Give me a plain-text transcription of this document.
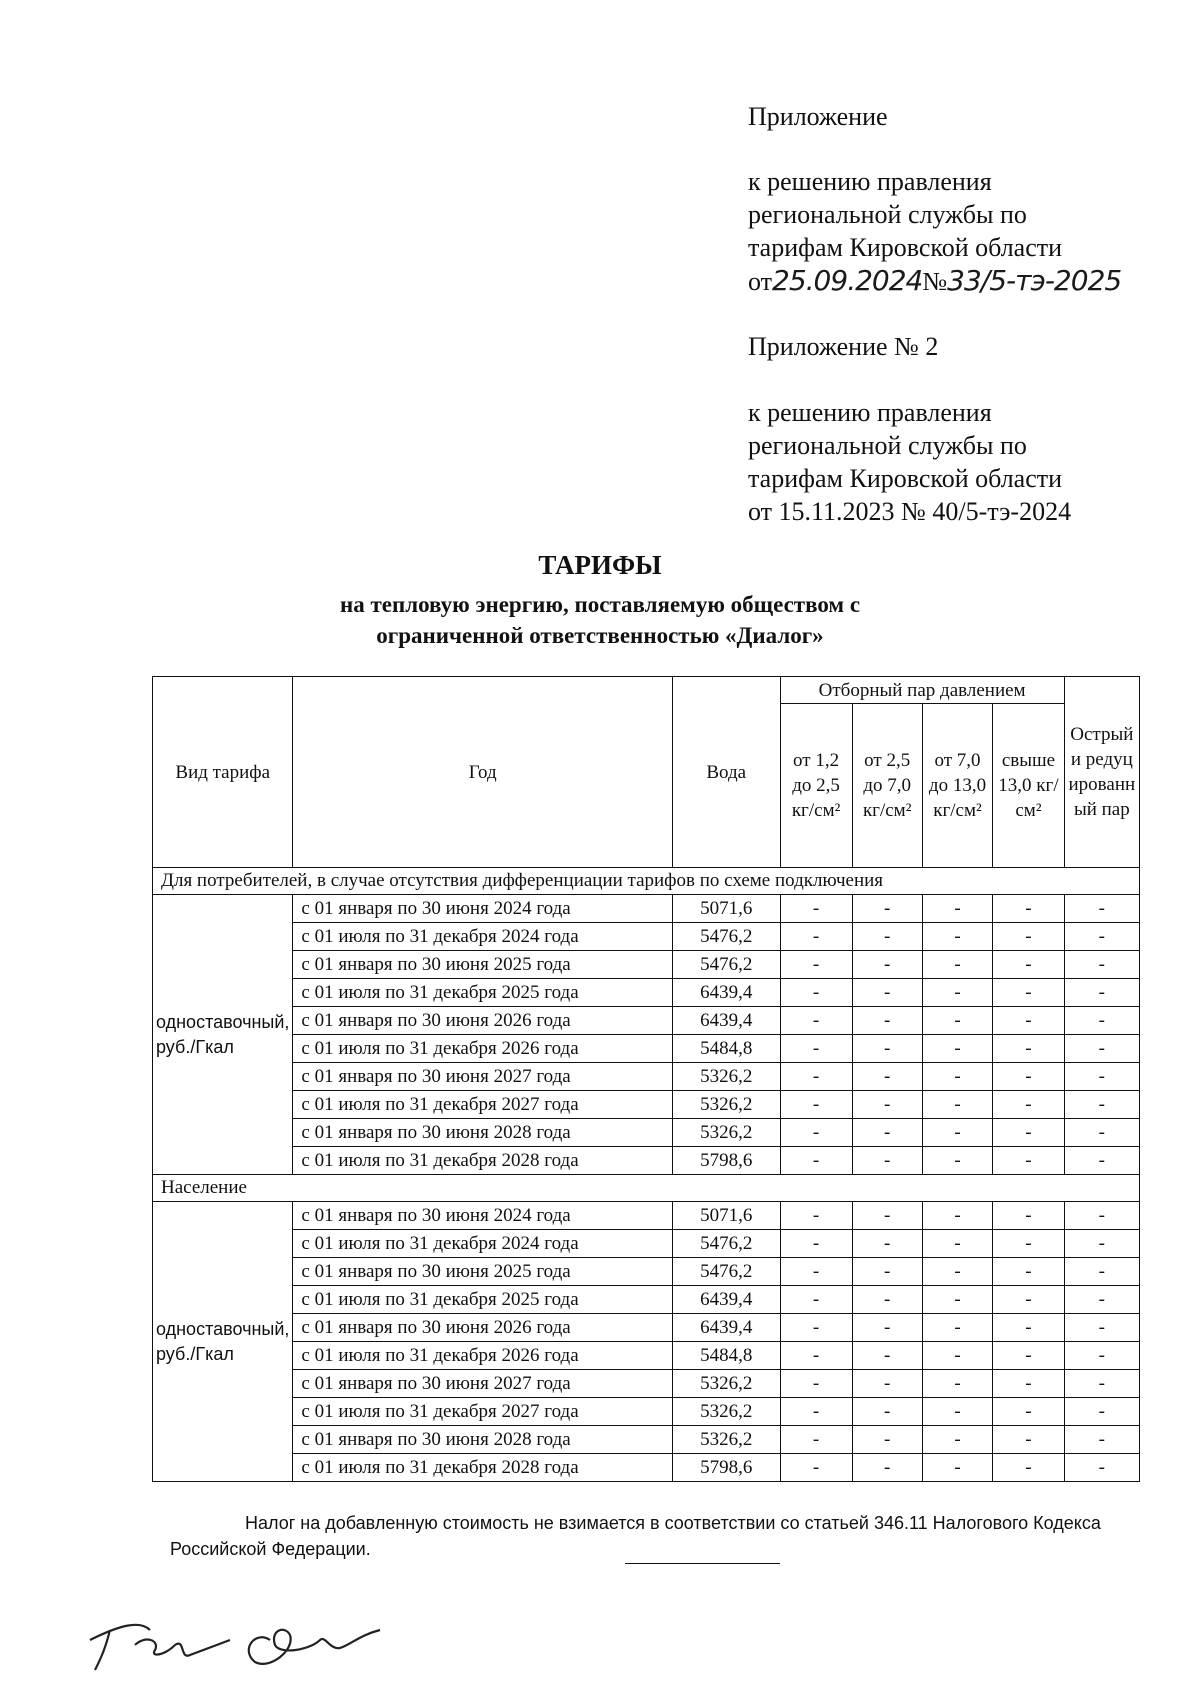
Приложение
к решению правления
региональной службы по
тарифам Кировской области
от25.09.2024№33/5-тэ-2025
Приложение № 2
к решению правления
региональной службы по
тарифам Кировской области
от 15.11.2023 № 40/5-тэ-2024
ТАРИФЫ
на тепловую энергию, поставляемую обществом с
ограниченной ответственностью «Диалог»
Вид тарифа	Год	Вода	Отборный пар давлением				Острый и редуцированный пар
			от 1,2 до 2,5 кг/см²	от 2,5 до 7,0 кг/см²	от 7,0 до 13,0 кг/см²	свыше 13,0 кг/см²	
Для потребителей, в случае отсутствия дифференциации тарифов по схеме подключения							
одноставочный, руб./Гкал	с 01 января по 30 июня 2024 года	5071,6	-	-	-	-	-
	с 01 июля по 31 декабря 2024 года	5476,2	-	-	-	-	-
	с 01 января по 30 июня 2025 года	5476,2	-	-	-	-	-
	с 01 июля по 31 декабря 2025 года	6439,4	-	-	-	-	-
	с 01 января по 30 июня 2026 года	6439,4	-	-	-	-	-
	с 01 июля по 31 декабря 2026 года	5484,8	-	-	-	-	-
	с 01 января по 30 июня 2027 года	5326,2	-	-	-	-	-
	с 01 июля по 31 декабря 2027 года	5326,2	-	-	-	-	-
	с 01 января по 30 июня 2028 года	5326,2	-	-	-	-	-
	с 01 июля по 31 декабря 2028 года	5798,6	-	-	-	-	-
Население							
одноставочный, руб./Гкал	с 01 января по 30 июня 2024 года	5071,6	-	-	-	-	-
	с 01 июля по 31 декабря 2024 года	5476,2	-	-	-	-	-
	с 01 января по 30 июня 2025 года	5476,2	-	-	-	-	-
	с 01 июля по 31 декабря 2025 года	6439,4	-	-	-	-	-
	с 01 января по 30 июня 2026 года	6439,4	-	-	-	-	-
	с 01 июля по 31 декабря 2026 года	5484,8	-	-	-	-	-
	с 01 января по 30 июня 2027 года	5326,2	-	-	-	-	-
	с 01 июля по 31 декабря 2027 года	5326,2	-	-	-	-	-
	с 01 января по 30 июня 2028 года	5326,2	-	-	-	-	-
	с 01 июля по 31 декабря 2028 года	5798,6	-	-	-	-	-
Налог на добавленную стоимость не взимается в соответствии со статьей 346.11 Налогового Кодекса Российской Федерации.
